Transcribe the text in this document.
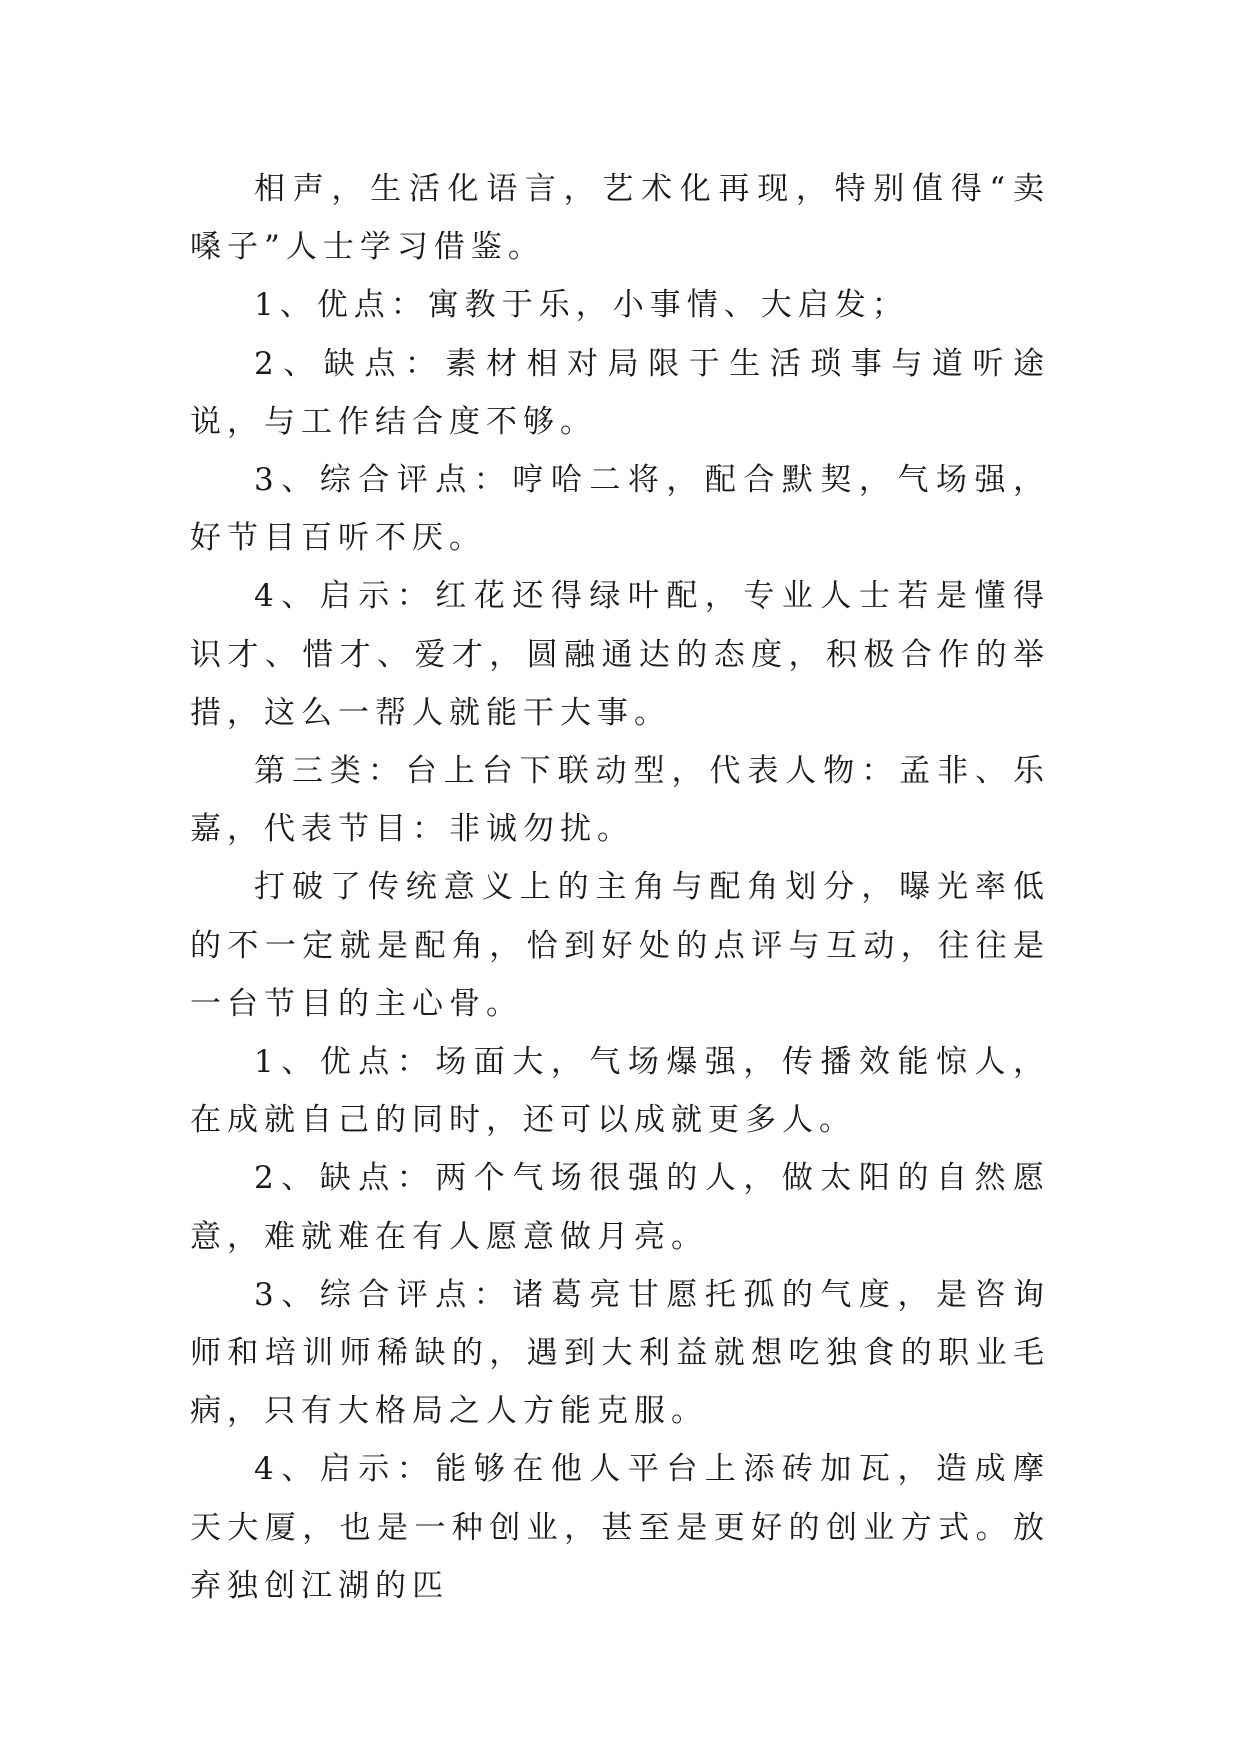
相声，生活化语言，艺术化再现，特别值得“卖嗓子”人士学习借鉴。

1、优点：寓教于乐，小事情、大启发；

2、缺点：素材相对局限于生活琐事与道听途说，与工作结合度不够。

3、综合评点：哼哈二将，配合默契，气场强，好节目百听不厌。

4、启示：红花还得绿叶配，专业人士若是懂得识才、惜才、爱才，圆融通达的态度，积极合作的举措，这么一帮人就能干大事。

第三类：台上台下联动型，代表人物：孟非、乐嘉，代表节目：非诚勿扰。

打破了传统意义上的主角与配角划分，曝光率低的不一定就是配角，恰到好处的点评与互动，往往是一台节目的主心骨。

1、优点：场面大，气场爆强，传播效能惊人，在成就自己的同时，还可以成就更多人。

2、缺点：两个气场很强的人，做太阳的自然愿意，难就难在有人愿意做月亮。

3、综合评点：诸葛亮甘愿托孤的气度，是咨询师和培训师稀缺的，遇到大利益就想吃独食的职业毛病，只有大格局之人方能克服。

4、启示：能够在他人平台上添砖加瓦，造成摩天大厦，也是一种创业，甚至是更好的创业方式。放弃独创江湖的匹
